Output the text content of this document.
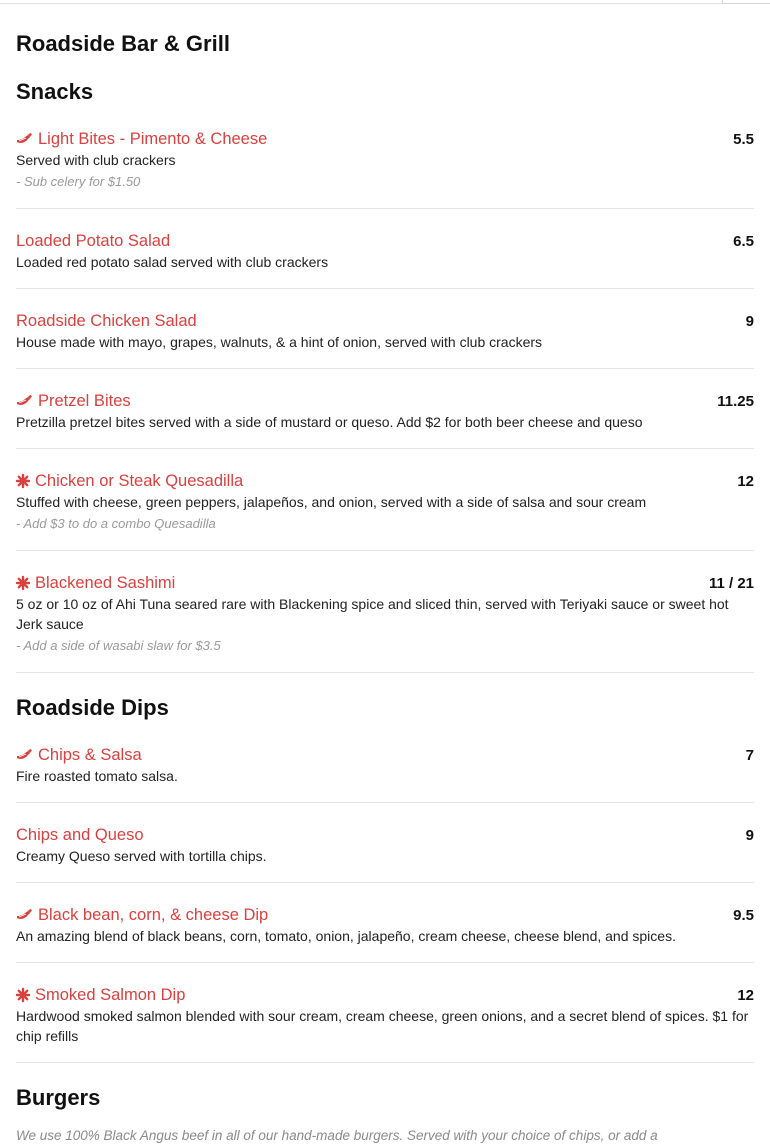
Roadside Bar & Grill
Snacks
Light Bites - Pimento & Cheese	5.5
Served with club crackers
- Sub celery for $1.50
Loaded Potato Salad	6.5
Loaded red potato salad served with club crackers
Roadside Chicken Salad	9
House made with mayo, grapes, walnuts, & a hint of onion, served with club crackers
Pretzel Bites	11.25
Pretzilla pretzel bites served with a side of mustard or queso. Add $2 for both beer cheese and queso
Chicken or Steak Quesadilla	12
Stuffed with cheese, green peppers, jalapeños, and onion, served with a side of salsa and sour cream
- Add $3 to do a combo Quesadilla
Blackened Sashimi	11 / 21
5 oz or 10 oz of Ahi Tuna seared rare with Blackening spice and sliced thin, served with Teriyaki sauce or sweet hot Jerk sauce
- Add a side of wasabi slaw for $3.5
Roadside Dips
Chips & Salsa	7
Fire roasted tomato salsa.
Chips and Queso	9
Creamy Queso served with tortilla chips.
Black bean, corn, & cheese Dip	9.5
An amazing blend of black beans, corn, tomato, onion, jalapeño, cream cheese, cheese blend, and spices.
Smoked Salmon Dip	12
Hardwood smoked salmon blended with sour cream, cream cheese, green onions, and a secret blend of spices. $1 for chip refills
Burgers
We use 100% Black Angus beef in all of our hand-made burgers. Served with your choice of chips, or add a
